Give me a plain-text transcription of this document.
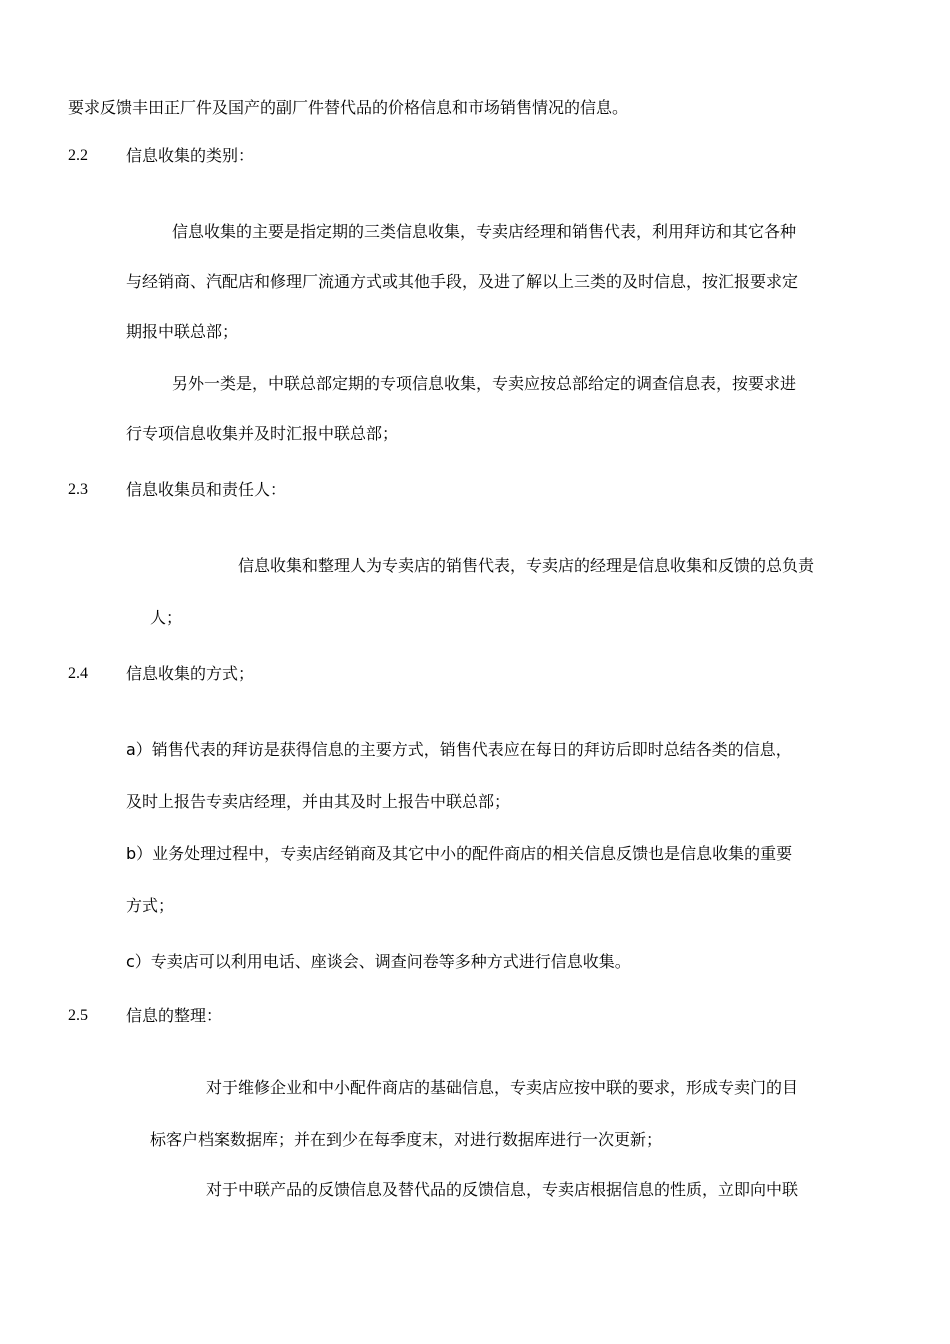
要求反馈丰田正厂件及国产的副厂件替代品的价格信息和市场销售情况的信息。
2.2 信息收集的类别：
信息收集的主要是指定期的三类信息收集，专卖店经理和销售代表，利用拜访和其它各种
与经销商、汽配店和修理厂流通方式或其他手段，及进了解以上三类的及时信息，按汇报要求定
期报中联总部；
另外一类是，中联总部定期的专项信息收集，专卖应按总部给定的调查信息表，按要求进
行专项信息收集并及时汇报中联总部；
2.3 信息收集员和责任人：
信息收集和整理人为专卖店的销售代表，专卖店的经理是信息收集和反馈的总负责
人；
2.4 信息收集的方式；
a）销售代表的拜访是获得信息的主要方式，销售代表应在每日的拜访后即时总结各类的信息，
及时上报告专卖店经理，并由其及时上报告中联总部；
b）业务处理过程中，专卖店经销商及其它中小的配件商店的相关信息反馈也是信息收集的重要
方式；
c）专卖店可以利用电话、座谈会、调查问卷等多种方式进行信息收集。
2.5 信息的整理：
对于维修企业和中小配件商店的基础信息，专卖店应按中联的要求，形成专卖门的目
标客户档案数据库；并在到少在每季度末，对进行数据库进行一次更新；
对于中联产品的反馈信息及替代品的反馈信息，专卖店根据信息的性质，立即向中联
